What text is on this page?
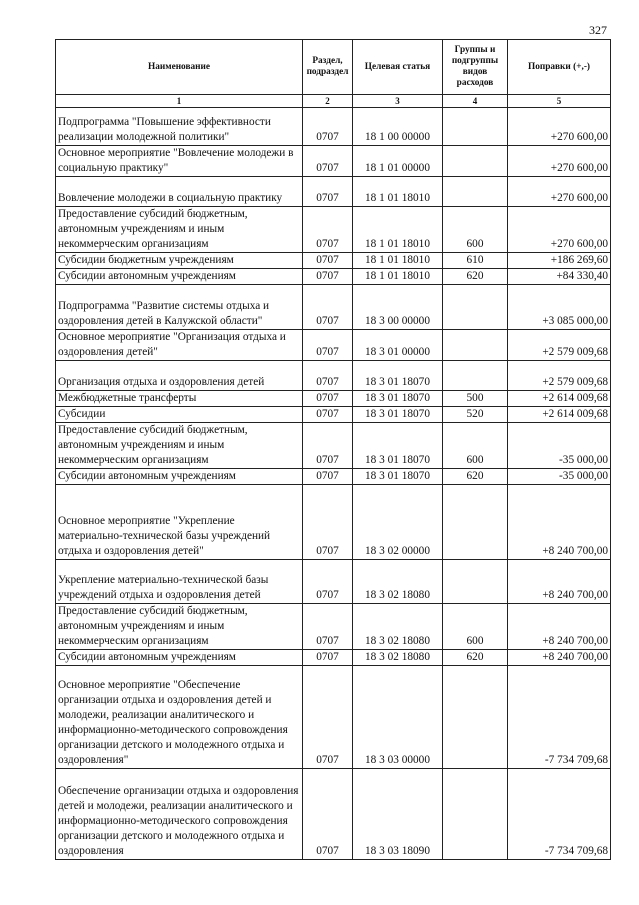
327
Наименование	Раздел, подраздел	Целевая статья	Группы и подгруппы видов расходов	Поправки (+,-)
1	2	3	4	5
Подпрограмма "Повышение эффективности реализации молодежной политики"	0707	18 1 00 00000		+270 600,00
Основное мероприятие "Вовлечение молодежи в социальную практику"	0707	18 1 01 00000		+270 600,00
Вовлечение молодежи в социальную практику	0707	18 1 01 18010		+270 600,00
Предоставление субсидий бюджетным, автономным учреждениям и иным некоммерческим организациям	0707	18 1 01 18010	600	+270 600,00
Субсидии бюджетным учреждениям	0707	18 1 01 18010	610	+186 269,60
Субсидии автономным учреждениям	0707	18 1 01 18010	620	+84 330,40
Подпрограмма "Развитие системы отдыха и оздоровления детей в Калужской области"	0707	18 3 00 00000		+3 085 000,00
Основное мероприятие "Организация отдыха и оздоровления детей"	0707	18 3 01 00000		+2 579 009,68
Организация отдыха и оздоровления детей	0707	18 3 01 18070		+2 579 009,68
Межбюджетные трансферты	0707	18 3 01 18070	500	+2 614 009,68
Субсидии	0707	18 3 01 18070	520	+2 614 009,68
Предоставление субсидий бюджетным, автономным учреждениям и иным некоммерческим организациям	0707	18 3 01 18070	600	-35 000,00
Субсидии автономным учреждениям	0707	18 3 01 18070	620	-35 000,00
Основное мероприятие "Укрепление материально-технической базы учреждений отдыха и оздоровления детей"	0707	18 3 02 00000		+8 240 700,00
Укрепление материально-технической базы учреждений отдыха и оздоровления детей	0707	18 3 02 18080		+8 240 700,00
Предоставление субсидий бюджетным, автономным учреждениям и иным некоммерческим организациям	0707	18 3 02 18080	600	+8 240 700,00
Субсидии автономным учреждениям	0707	18 3 02 18080	620	+8 240 700,00
Основное мероприятие "Обеспечение организации отдыха и оздоровления детей и молодежи, реализации аналитического и информационно-методического сопровождения организации детского и молодежного отдыха и оздоровления"	0707	18 3 03 00000		-7 734 709,68
Обеспечение организации отдыха и оздоровления детей и молодежи, реализации аналитического и информационно-методического сопровождения организации детского и молодежного отдыха и оздоровления	0707	18 3 03 18090		-7 734 709,68
